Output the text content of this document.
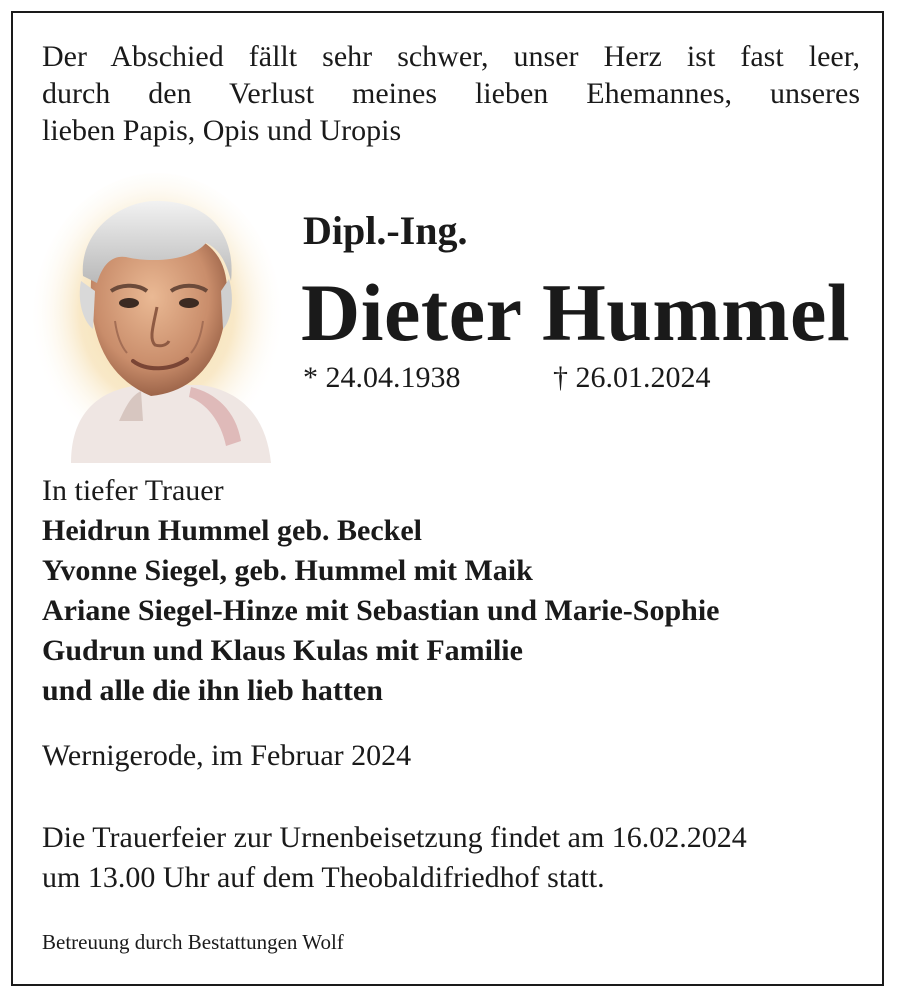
Der Abschied fällt sehr schwer, unser Herz ist fast leer,
durch den Verlust meines lieben Ehemannes, unseres
lieben Papis, Opis und Uropis

Dipl.-Ing.
Dieter Hummel
* 24.04.1938	† 26.01.2024
In tiefer Trauer
Heidrun Hummel geb. Beckel
Yvonne Siegel, geb. Hummel mit Maik
Ariane Siegel-Hinze mit Sebastian und Marie-Sophie
Gudrun und Klaus Kulas mit Familie
und alle die ihn lieb hatten

Wernigerode, im Februar 2024

Die Trauerfeier zur Urnenbeisetzung findet am 16.02.2024
um 13.00 Uhr auf dem Theobaldifriedhof statt.

Betreuung durch Bestattungen Wolf
